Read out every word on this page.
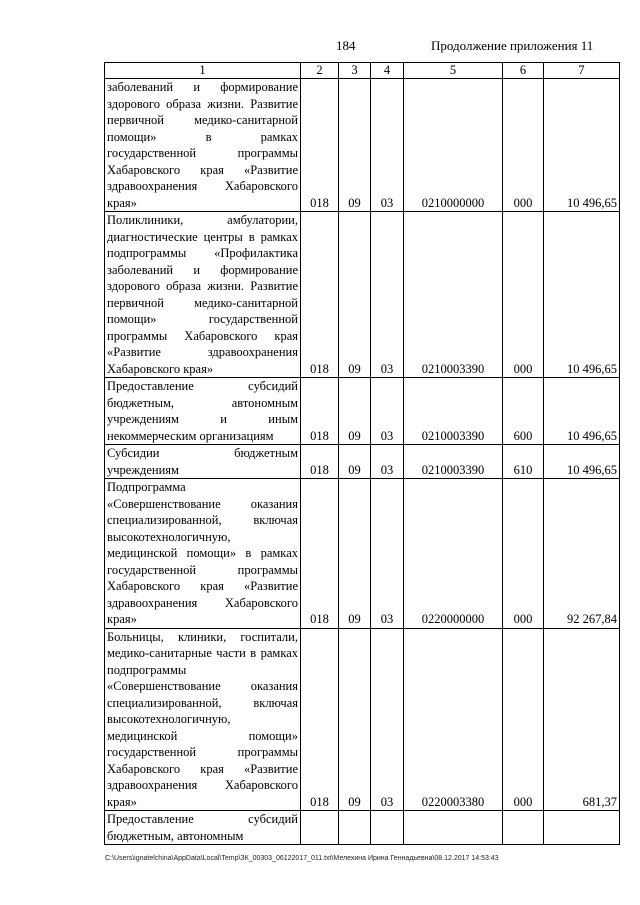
184	Продолжение приложения 11
1	2	3	4	5	6	7
заболеваний и формирование здорового образа жизни. Развитие первичной медико-санитарной помощи» в рамках государственной программы Хабаровского края «Развитие здравоохранения Хабаровского края»	018	09	03	0210000000	000	10 496,65
Поликлиники, амбулатории, диагностические центры в рамках подпрограммы «Профилактика заболеваний и формирование здорового образа жизни. Развитие первичной медико-санитарной помощи» государственной программы Хабаровского края «Развитие здравоохранения Хабаровского края»	018	09	03	0210003390	000	10 496,65
Предоставление субсидий бюджетным, автономным учреждениям и иным некоммерческим организациям	018	09	03	0210003390	600	10 496,65
Субсидии бюджетным учреждениям	018	09	03	0210003390	610	10 496,65
Подпрограмма «Совершенствование оказания специализированной, включая высокотехнологичную, медицинской помощи» в рамках государственной программы Хабаровского края «Развитие здравоохранения Хабаровского края»	018	09	03	0220000000	000	92 267,84
Больницы, клиники, госпитали, медико-санитарные части в рамках подпрограммы «Совершенствование оказания специализированной, включая высокотехнологичную, медицинской помощи» государственной программы Хабаровского края «Развитие здравоохранения Хабаровского края»	018	09	03	0220003380	000	681,37
Предоставление субсидий бюджетным, автономным						
C:\Users\ignatelchina\AppData\Local\Temp\ЗК_00303_06122017_011.txt\Мелехина Ирина Геннадьевна\08.12.2017 14:53:43
